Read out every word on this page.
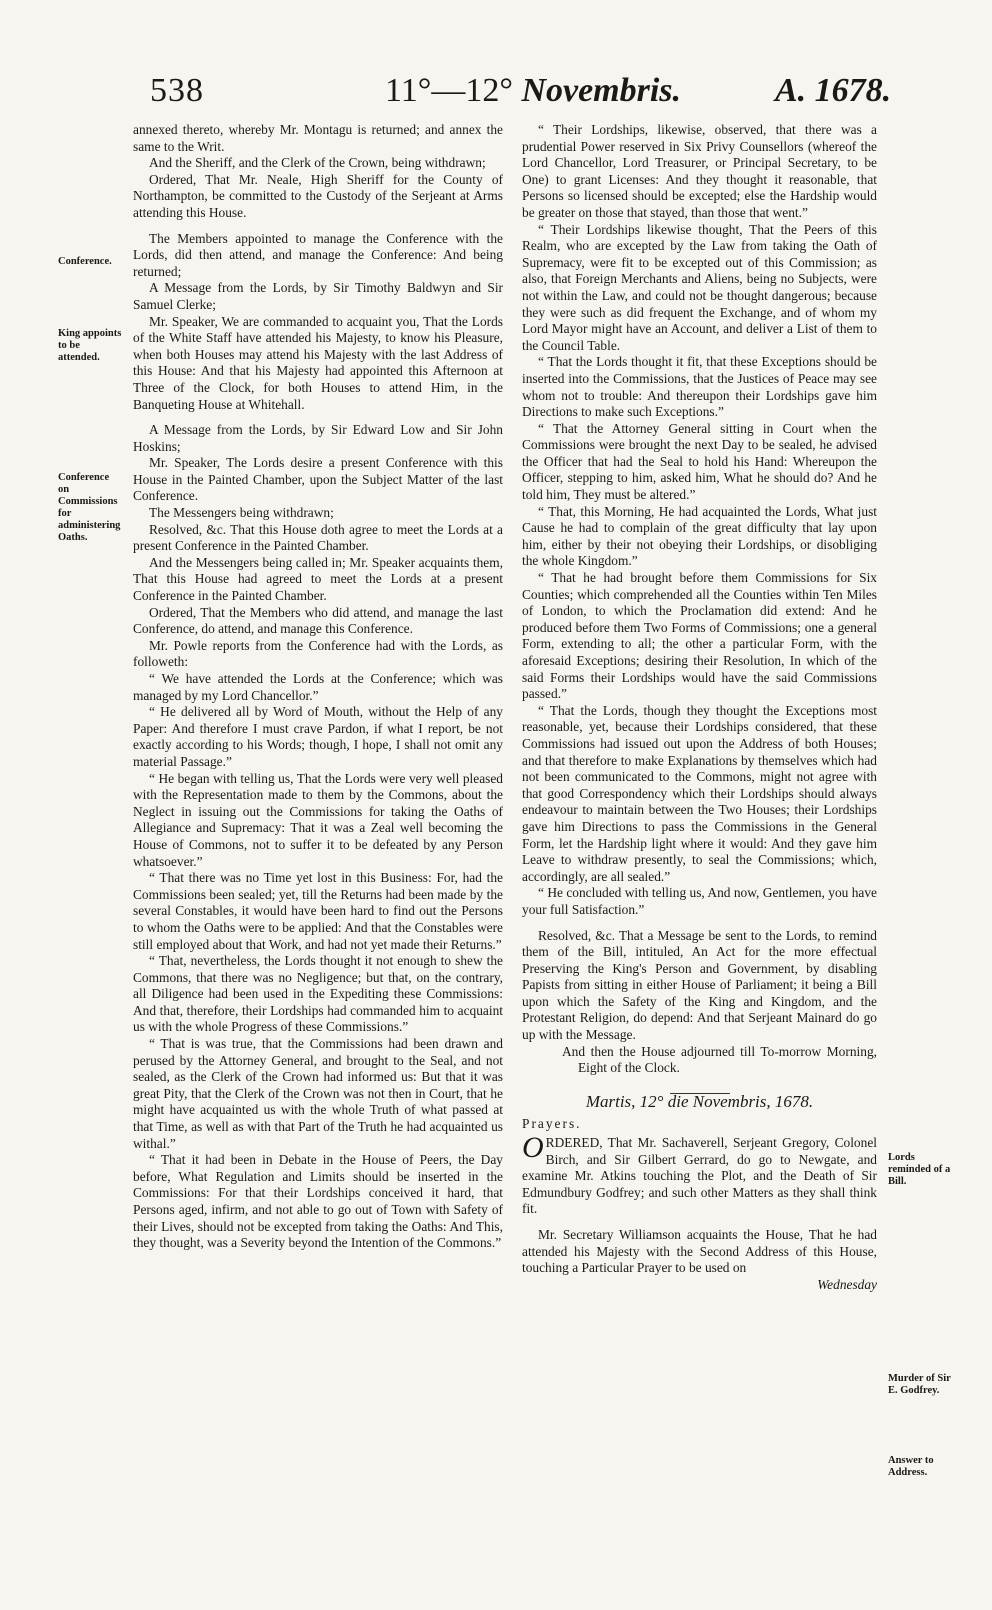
538	11°—12° Novembris.	A. 1678.
Conference.
King appoints to be attended.
Conference on Commissions for administering Oaths.
Lords reminded of a Bill.
Murder of Sir E. Godfrey.
Answer to Address.

annexed thereto, whereby Mr. Montagu is returned; and annex the same to the Writ.

And the Sheriff, and the Clerk of the Crown, being withdrawn;

Ordered, That Mr. Neale, High Sheriff for the County of Northampton, be committed to the Custody of the Serjeant at Arms attending this House.

The Members appointed to manage the Conference with the Lords, did then attend, and manage the Conference: And being returned;

A Message from the Lords, by Sir Timothy Baldwyn and Sir Samuel Clerke;

Mr. Speaker, We are commanded to acquaint you, That the Lords of the White Staff have attended his Majesty, to know his Pleasure, when both Houses may attend his Majesty with the last Address of this House: And that his Majesty had appointed this Afternoon at Three of the Clock, for both Houses to attend Him, in the Banqueting House at Whitehall.

A Message from the Lords, by Sir Edward Low and Sir John Hoskins;

Mr. Speaker, The Lords desire a present Conference with this House in the Painted Chamber, upon the Subject Matter of the last Conference.

The Messengers being withdrawn;

Resolved, &c. That this House doth agree to meet the Lords at a present Conference in the Painted Chamber.

And the Messengers being called in; Mr. Speaker acquaints them, That this House had agreed to meet the Lords at a present Conference in the Painted Chamber.

Ordered, That the Members who did attend, and manage the last Conference, do attend, and manage this Conference.

Mr. Powle reports from the Conference had with the Lords, as followeth:

“ We have attended the Lords at the Conference; which was managed by my Lord Chancellor.”

“ He delivered all by Word of Mouth, without the Help of any Paper: And therefore I must crave Pardon, if what I report, be not exactly according to his Words; though, I hope, I shall not omit any material Passage.”

“ He began with telling us, That the Lords were very well pleased with the Representation made to them by the Commons, about the Neglect in issuing out the Commissions for taking the Oaths of Allegiance and Supremacy: That it was a Zeal well becoming the House of Commons, not to suffer it to be defeated by any Person whatsoever.”

“ That there was no Time yet lost in this Business: For, had the Commissions been sealed; yet, till the Returns had been made by the several Constables, it would have been hard to find out the Persons to whom the Oaths were to be applied: And that the Constables were still employed about that Work, and had not yet made their Returns.”

“ That, nevertheless, the Lords thought it not enough to shew the Commons, that there was no Negligence; but that, on the contrary, all Diligence had been used in the Expediting these Commissions: And that, therefore, their Lordships had commanded him to acquaint us with the whole Progress of these Commissions.”

“ That is was true, that the Commissions had been drawn and perused by the Attorney General, and brought to the Seal, and not sealed, as the Clerk of the Crown had informed us: But that it was great Pity, that the Clerk of the Crown was not then in Court, that he might have acquainted us with the whole Truth of what passed at that Time, as well as with that Part of the Truth he had acquainted us withal.”

“ That it had been in Debate in the House of Peers, the Day before, What Regulation and Limits should be inserted in the Commissions: For that their Lordships conceived it hard, that Persons aged, infirm, and not able to go out of Town with Safety of their Lives, should not be excepted from taking the Oaths: And This, they thought, was a Severity beyond the Intention of the Commons.”

“ Their Lordships, likewise, observed, that there was a prudential Power reserved in Six Privy Counsellors (whereof the Lord Chancellor, Lord Treasurer, or Principal Secretary, to be One) to grant Licenses: And they thought it reasonable, that Persons so licensed should be excepted; else the Hardship would be greater on those that stayed, than those that went.”

“ Their Lordships likewise thought, That the Peers of this Realm, who are excepted by the Law from taking the Oath of Supremacy, were fit to be excepted out of this Commission; as also, that Foreign Merchants and Aliens, being no Subjects, were not within the Law, and could not be thought dangerous; because they were such as did frequent the Exchange, and of whom my Lord Mayor might have an Account, and deliver a List of them to the Council Table.

“ That the Lords thought it fit, that these Exceptions should be inserted into the Commissions, that the Justices of Peace may see whom not to trouble: And thereupon their Lordships gave him Directions to make such Exceptions.”

“ That the Attorney General sitting in Court when the Commissions were brought the next Day to be sealed, he advised the Officer that had the Seal to hold his Hand: Whereupon the Officer, stepping to him, asked him, What he should do? And he told him, They must be altered.”

“ That, this Morning, He had acquainted the Lords, What just Cause he had to complain of the great difficulty that lay upon him, either by their not obeying their Lordships, or disobliging the whole Kingdom.”

“ That he had brought before them Commissions for Six Counties; which comprehended all the Counties within Ten Miles of London, to which the Proclamation did extend: And he produced before them Two Forms of Commissions; one a general Form, extending to all; the other a particular Form, with the aforesaid Exceptions; desiring their Resolution, In which of the said Forms their Lordships would have the said Commissions passed.”

“ That the Lords, though they thought the Exceptions most reasonable, yet, because their Lordships considered, that these Commissions had issued out upon the Address of both Houses; and that therefore to make Explanations by themselves which had not been communicated to the Commons, might not agree with that good Correspondency which their Lordships should always endeavour to maintain between the Two Houses; their Lordships gave him Directions to pass the Commissions in the General Form, let the Hardship light where it would: And they gave him Leave to withdraw presently, to seal the Commissions; which, accordingly, are all sealed.”

“ He concluded with telling us, And now, Gentlemen, you have your full Satisfaction.”

Resolved, &c. That a Message be sent to the Lords, to remind them of the Bill, intituled, An Act for the more effectual Preserving the King's Person and Government, by disabling Papists from sitting in either House of Parliament; it being a Bill upon which the Safety of the King and Kingdom, and the Protestant Religion, do depend: And that Serjeant Mainard do go up with the Message.

And then the House adjourned till To-morrow Morning, Eight of the Clock.

Martis, 12° die Novembris, 1678.

Prayers.

ORDERED, That Mr. Sachaverell, Serjeant Gregory, Colonel Birch, and Sir Gilbert Gerrard, do go to Newgate, and examine Mr. Atkins touching the Plot, and the Death of Sir Edmundbury Godfrey; and such other Matters as they shall think fit.

Mr. Secretary Williamson acquaints the House, That he had attended his Majesty with the Second Address of this House, touching a Particular Prayer to be used on

Wednesday
